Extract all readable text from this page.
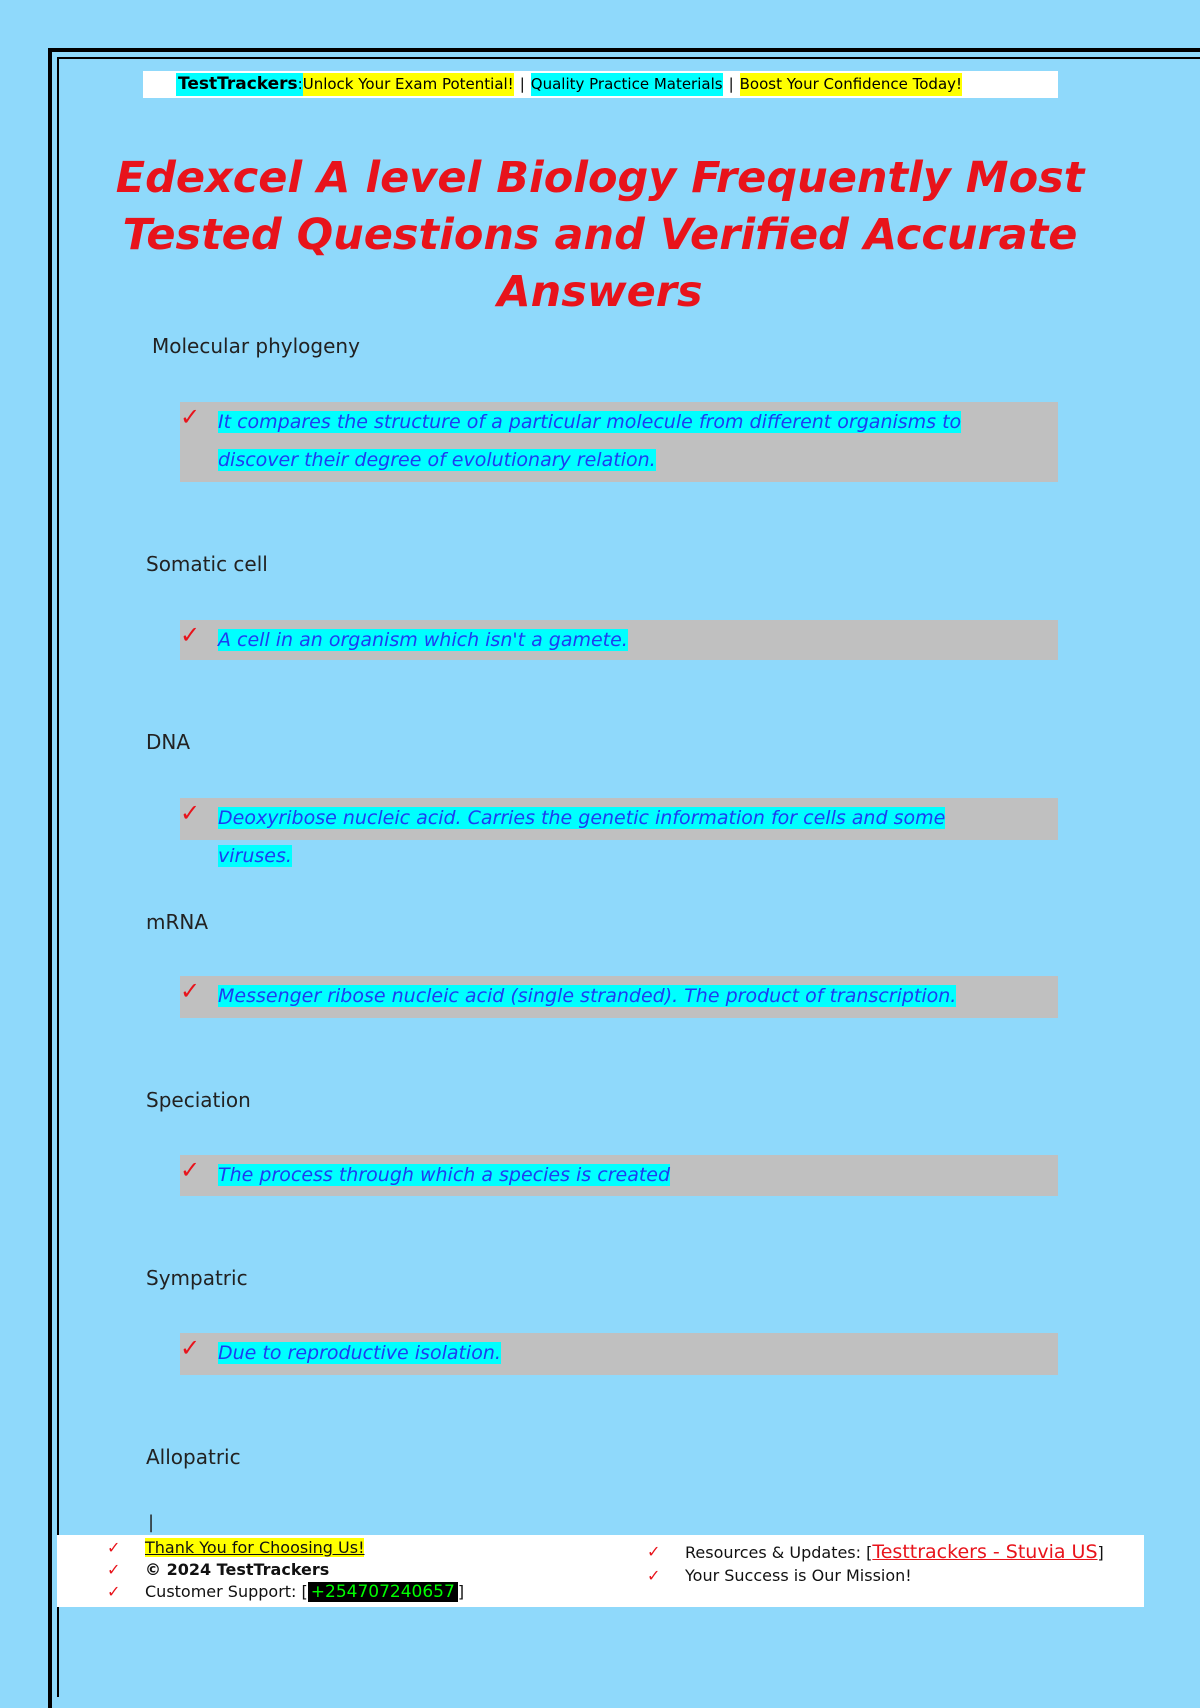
TestTrackers : Unlock Your Exam Potential! | Quality Practice Materials | Boost Your Confidence Today!
Edexcel A level Biology Frequently Most Tested Questions and Verified Accurate Answers
Molecular phylogeny
✓ It compares the structure of a particular molecule from different organisms to discover their degree of evolutionary relation.
Somatic cell
✓ A cell in an organism which isn't a gamete.
DNA
✓ Deoxyribose nucleic acid. Carries the genetic information for cells and some viruses.
mRNA
✓ Messenger ribose nucleic acid (single stranded). The product of transcription.
Speciation
✓ The process through which a species is created
Sympatric
✓ Due to reproductive isolation.
Allopatric
|
✓ Thank You for Choosing Us!
✓ © 2024 TestTrackers
✓ Customer Support: [ +254707240657 ]
✓ Resources & Updates: [Testtrackers - Stuvia US]
✓ Your Success is Our Mission!
